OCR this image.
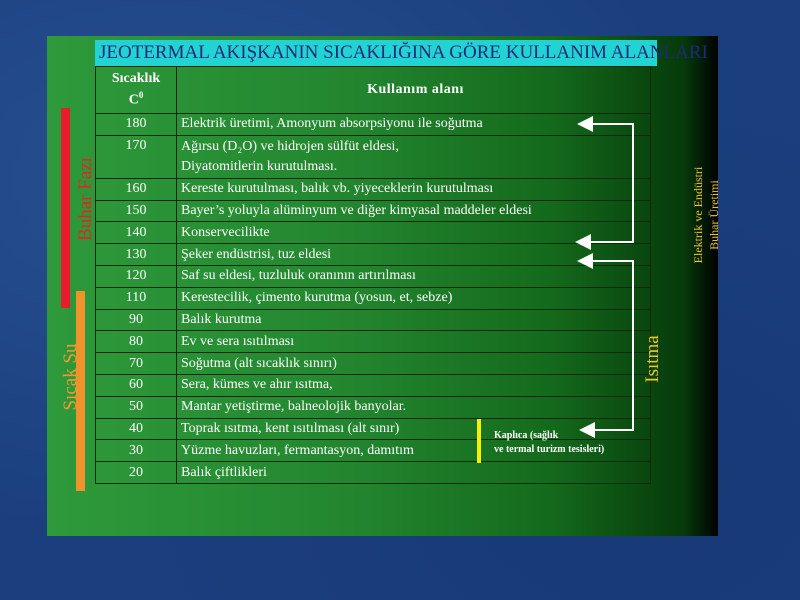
JEOTERMAL AKIŞKANIN SICAKLIĞINA GÖRE KULLANIM ALANLARI
Sıcaklık
$C^0$	Kullanım alanı
180	Elektrik üretimi, Amonyum absorpsiyonu ile soğutma
170	Ağırsu (D₂O) ve hidrojen sülfüt eldesi,
Diyatomitlerin kurutulması.

160	Kereste kurutulması, balık vb. yiyeceklerin kurutulması
150	Bayer’s yoluyla alüminyum ve diğer kimyasal maddeler eldesi
140	Konservecilikte
130	Şeker endüstrisi, tuz eldesi
120	Saf su eldesi, tuzluluk oranının artırılması
110	Kerestecilik, çimento kurutma (yosun, et, sebze)
90	Balık kurutma
80	Ev ve sera ısıtılması
70	Soğutma (alt sıcaklık sınırı)
60	Sera, kümes ve ahır ısıtma,
50	Mantar yetiştirme, balneolojik banyolar.
40	Toprak ısıtma, kent ısıtılması (alt sınır)
30	Yüzme havuzları, fermantasyon, damıtım
20	Balık çiftlikleri
Buhar Fazı
Sıcak Su
Elektrik ve Endüstri Buhar Üretimi
Isıtma
Kaplıca (sağlık
ve termal turizm tesisleri)
